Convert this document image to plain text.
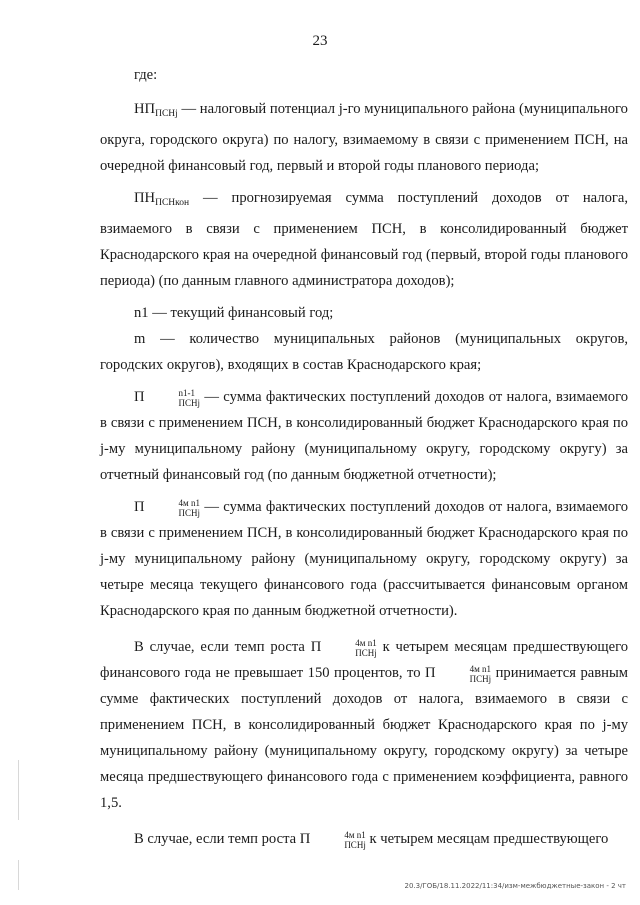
23

где:

$НП_{ПСНj}$ — налоговый потенциал j-го муниципального района (муниципального округа, городского округа) по налогу, взимаемому в связи с применением ПСН, на очередной финансовый год, первый и второй годы планового периода;

$ПН_{ПСНкон}$ — прогнозируемая сумма поступлений доходов от налога, взимаемого в связи с применением ПСН, в консолидированный бюджет Краснодарского края на очередной финансовый год (первый, второй годы планового периода) (по данным главного администратора доходов);

n1 — текущий финансовый год;

m — количество муниципальных районов (муниципальных округов, городских округов), входящих в состав Краснодарского края;

П	n1-1
ПСНj — сумма фактических поступлений доходов от налога, взимаемого в связи с применением ПСН, в консолидированный бюджет Краснодарского края по j-му муниципальному району (муниципальному округу, городскому округу) за отчетный финансовый год (по данным бюджетной отчетности);

П	4м n1
ПСНj — сумма фактических поступлений доходов от налога, взимаемого в связи с применением ПСН, в консолидированный бюджет Краснодарского края по j-му муниципальному району (муниципальному округу, городскому округу) за четыре месяца текущего финансового года (рассчитывается финансовым органом Краснодарского края по данным бюджетной отчетности).

В случае, если темп роста П	4м n1
ПСНj к четырем месяцам предшествующего финансового года не превышает 150 процентов, то П	4м n1
ПСНj принимается равным сумме фактических поступлений доходов от налога, взимаемого в связи с применением ПСН, в консолидированный бюджет Краснодарского края по j-му муниципальному району (муниципальному округу, городскому округу) за четыре месяца предшествующего финансового года с применением коэффициента, равного 1,5.

В случае, если темп роста П	4м n1
ПСНj к четырем месяцам предшествующего

20.3/ГОБ/18.11.2022/11:34/изм-межбюджетные-закон - 2 чт
